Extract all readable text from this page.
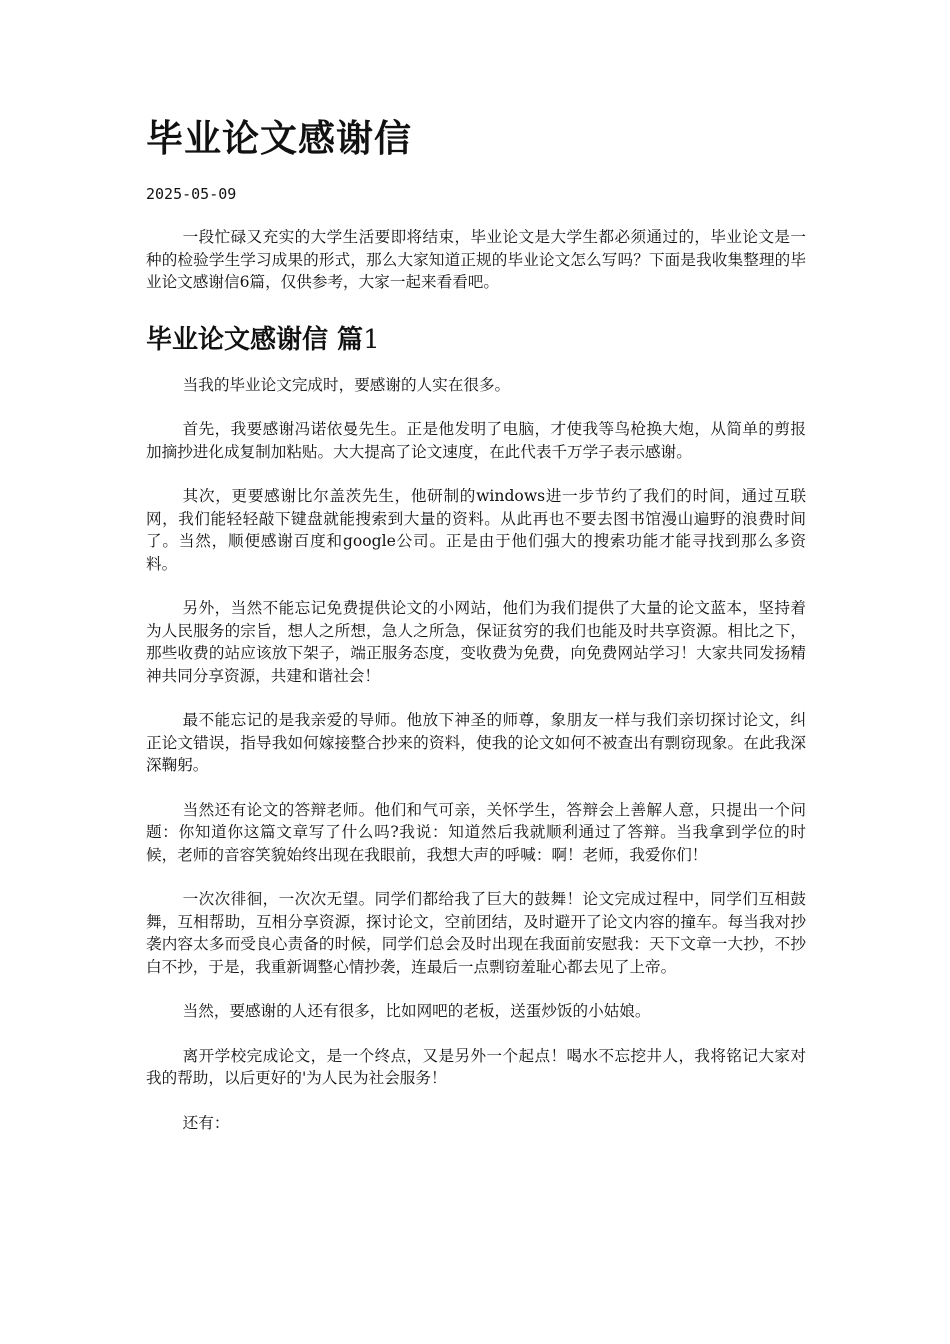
毕业论文感谢信
2025-05-09

一段忙碌又充实的大学生活要即将结束，毕业论文是大学生都必须通过的，毕业论文是一种的检验学生学习成果的形式，那么大家知道正规的毕业论文怎么写吗？下面是我收集整理的毕业论文感谢信6篇，仅供参考，大家一起来看看吧。

毕业论文感谢信 篇1

当我的毕业论文完成时，要感谢的人实在很多。

首先，我要感谢冯诺依曼先生。正是他发明了电脑，才使我等鸟枪换大炮，从简单的剪报加摘抄进化成复制加粘贴。大大提高了论文速度，在此代表千万学子表示感谢。

其次，更要感谢比尔盖茨先生，他研制的windows进一步节约了我们的时间，通过互联网，我们能轻轻敲下键盘就能搜索到大量的资料。从此再也不要去图书馆漫山遍野的浪费时间了。当然，顺便感谢百度和google公司。正是由于他们强大的搜索功能才能寻找到那么多资料。

另外，当然不能忘记免费提供论文的小网站，他们为我们提供了大量的论文蓝本，坚持着为人民服务的宗旨，想人之所想，急人之所急，保证贫穷的我们也能及时共享资源。相比之下，那些收费的站应该放下架子，端正服务态度，变收费为免费，向免费网站学习！大家共同发扬精神共同分享资源，共建和谐社会！

最不能忘记的是我亲爱的导师。他放下神圣的师尊，象朋友一样与我们亲切探讨论文，纠正论文错误，指导我如何嫁接整合抄来的资料，使我的论文如何不被查出有剽窃现象。在此我深深鞠躬。

当然还有论文的答辩老师。他们和气可亲，关怀学生，答辩会上善解人意，只提出一个问题：你知道你这篇文章写了什么吗?我说：知道然后我就顺利通过了答辩。当我拿到学位的时候，老师的音容笑貌始终出现在我眼前，我想大声的呼喊：啊！老师，我爱你们！

一次次徘徊，一次次无望。同学们都给我了巨大的鼓舞！论文完成过程中，同学们互相鼓舞，互相帮助，互相分享资源，探讨论文，空前团结，及时避开了论文内容的撞车。每当我对抄袭内容太多而受良心责备的时候，同学们总会及时出现在我面前安慰我：天下文章一大抄，不抄白不抄，于是，我重新调整心情抄袭，连最后一点剽窃羞耻心都去见了上帝。

当然，要感谢的人还有很多，比如网吧的老板，送蛋炒饭的小姑娘。

离开学校完成论文，是一个终点，又是另外一个起点！喝水不忘挖井人，我将铭记大家对我的帮助，以后更好的'为人民为社会服务！

还有：
